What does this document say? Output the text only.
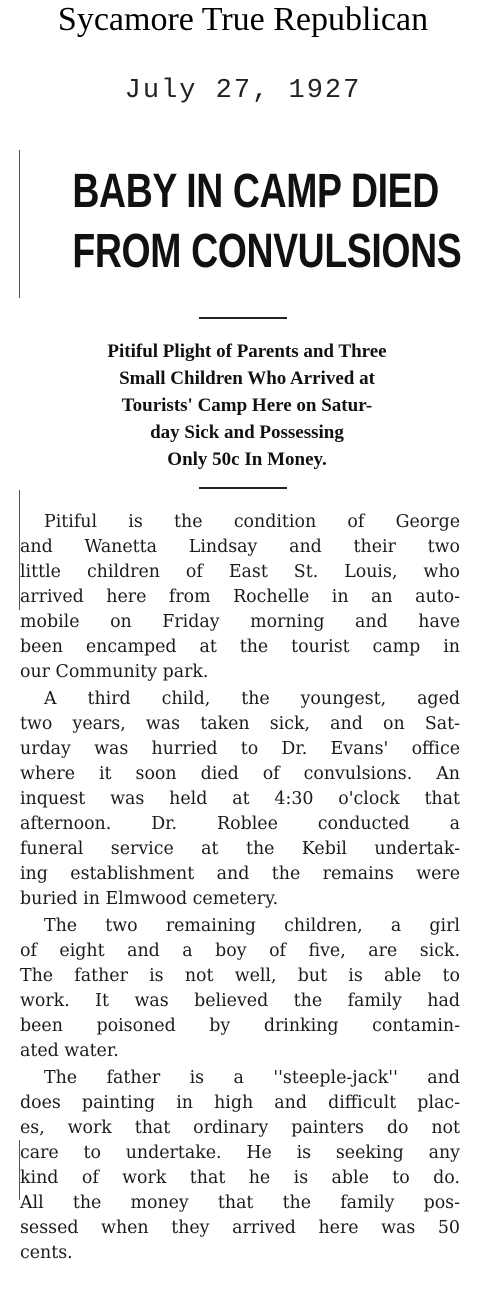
Sycamore True Republican
July 27, 1927
BABY IN CAMP DIED
FROM CONVULSIONS
Pitiful Plight of Parents and Three
Small Children Who Arrived at
Tourists' Camp Here on Satur-
day Sick and Possessing
Only 50c In Money.
Pitiful is the condition of George
and Wanetta Lindsay and their two
little children of East St. Louis, who
arrived here from Rochelle in an auto-
mobile on Friday morning and have
been encamped at the tourist camp in
our Community park.
A third child, the youngest, aged
two years, was taken sick, and on Sat-
urday was hurried to Dr. Evans' office
where it soon died of convulsions. An
inquest was held at 4:30 o'clock that
afternoon. Dr. Roblee conducted a
funeral service at the Kebil undertak-
ing establishment and the remains were
buried in Elmwood cemetery.
The two remaining children, a girl
of eight and a boy of five, are sick.
The father is not well, but is able to
work. It was believed the family had
been poisoned by drinking contamin-
ated water.
The father is a ''steeple-jack'' and
does painting in high and difficult plac-
es, work that ordinary painters do not
care to undertake. He is seeking any
kind of work that he is able to do.
All the money that the family pos-
sessed when they arrived here was 50
cents.
